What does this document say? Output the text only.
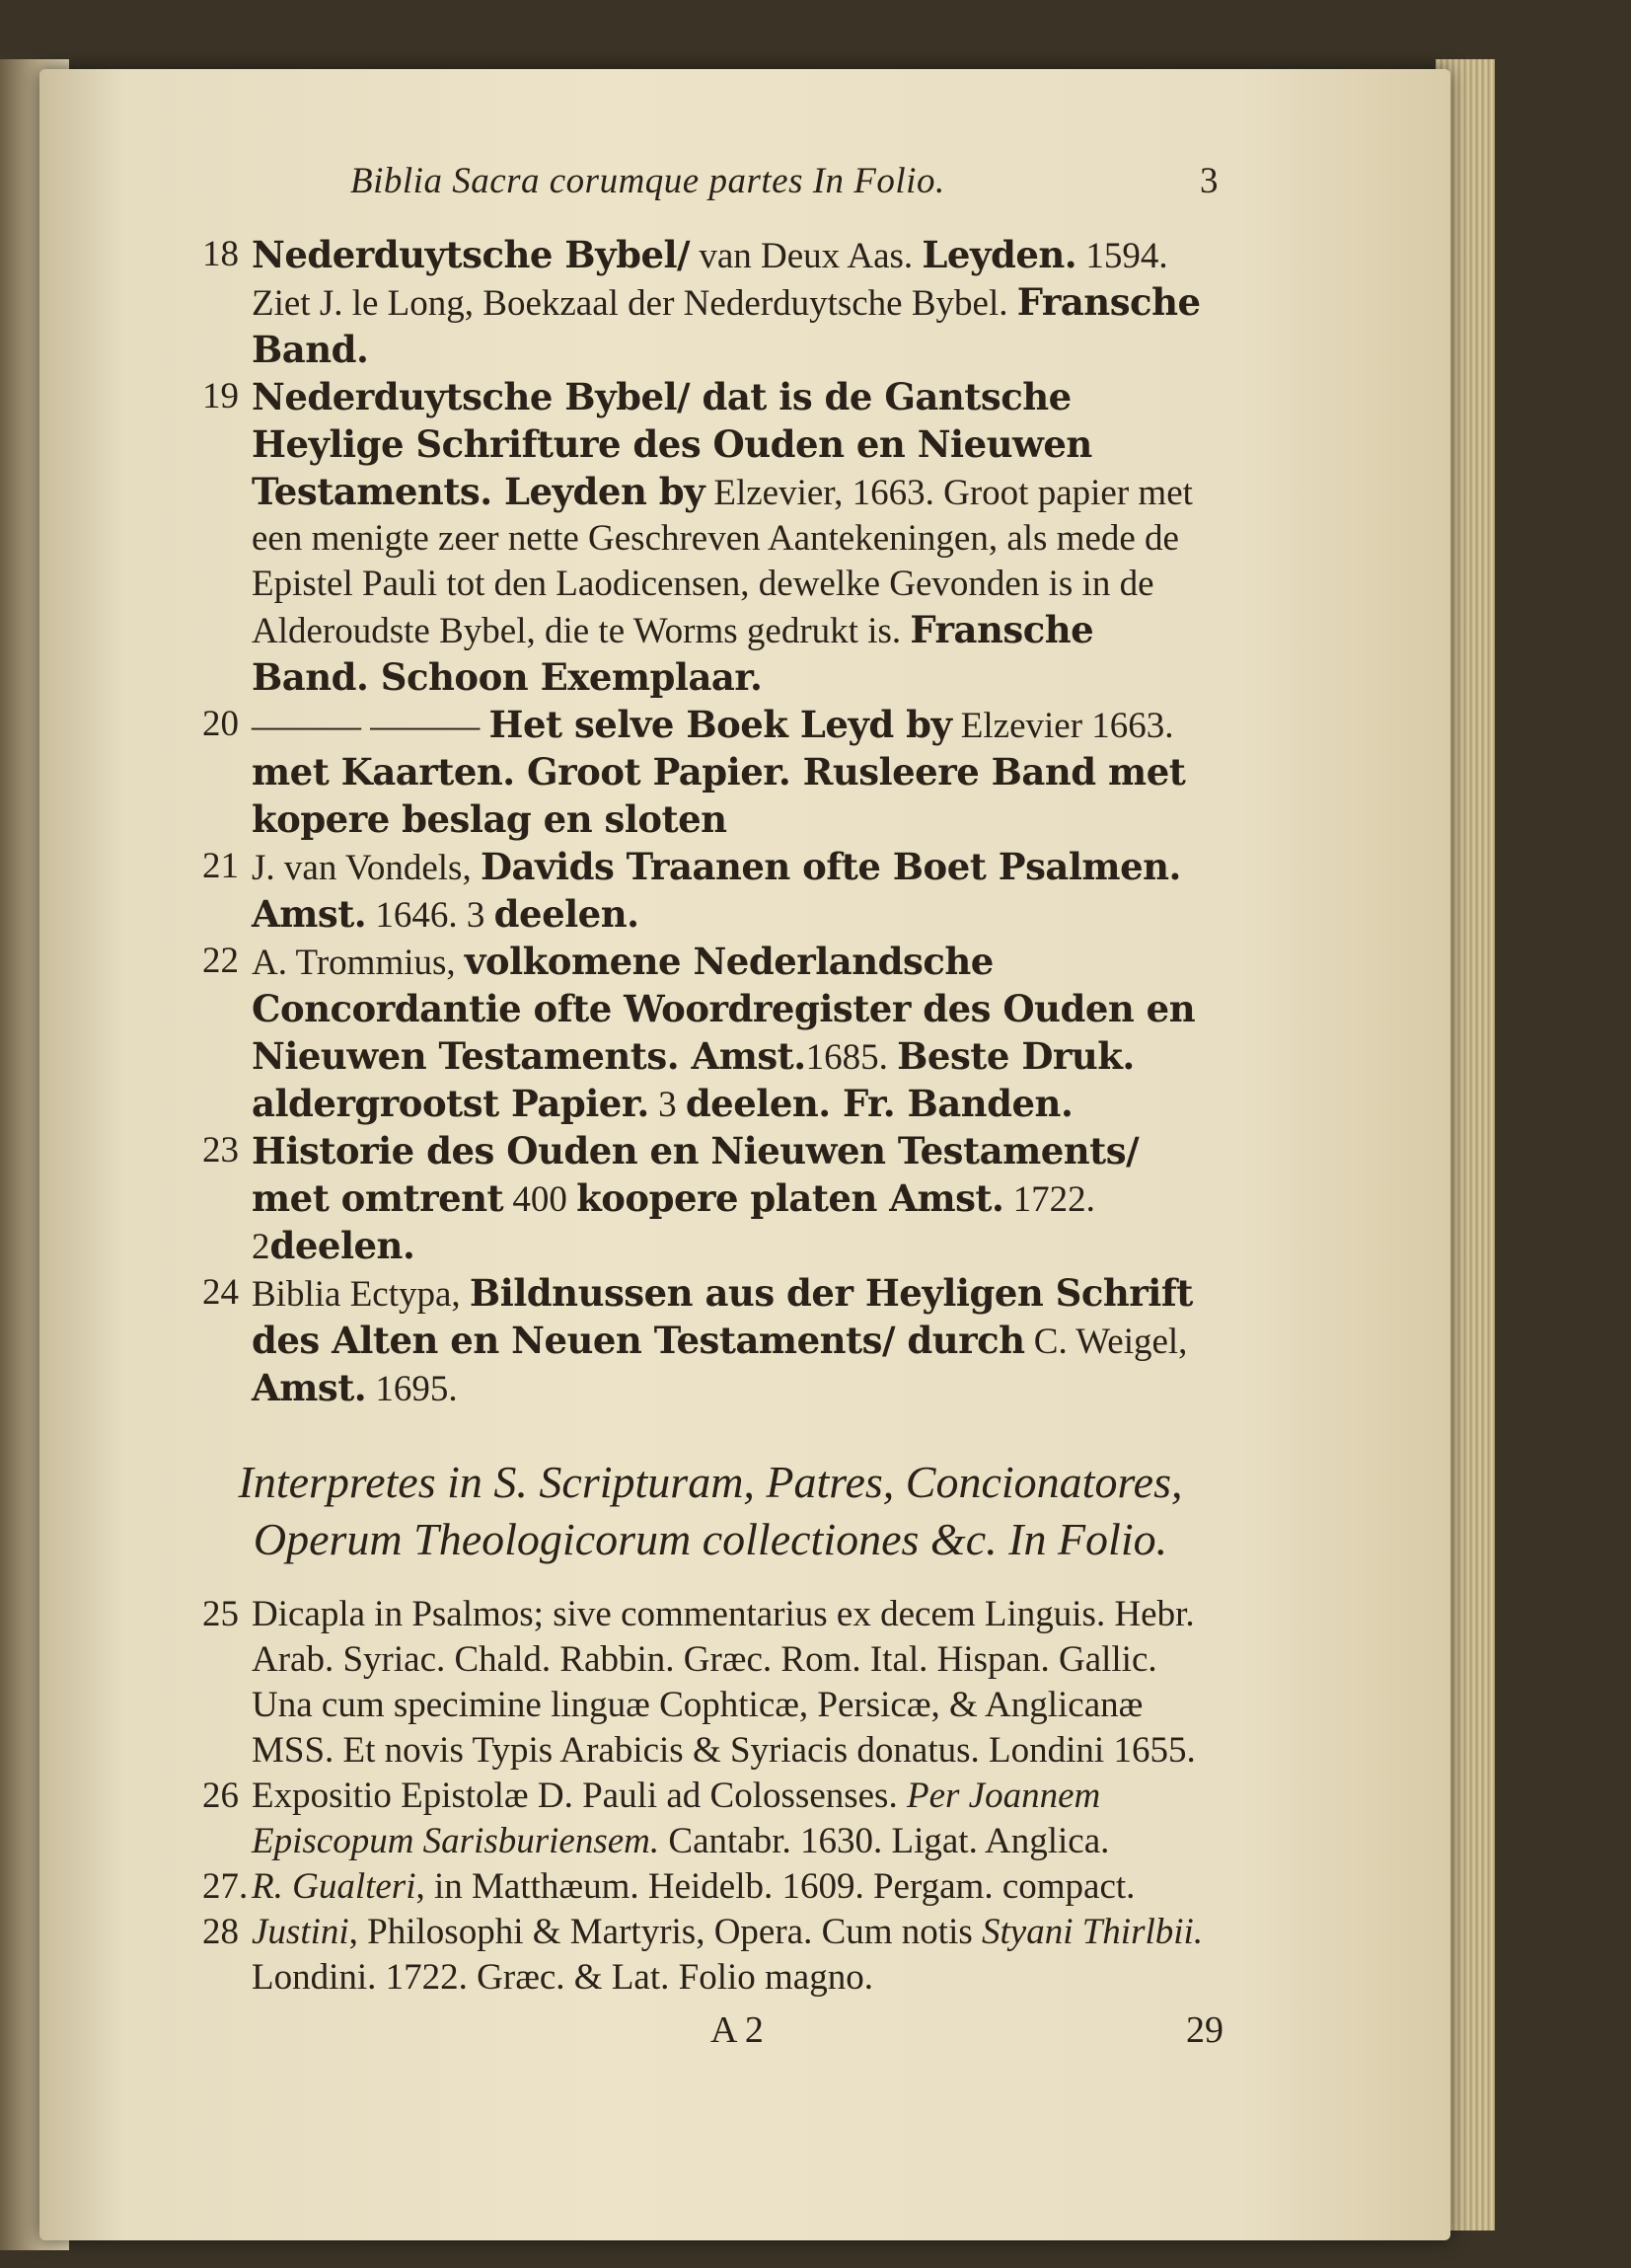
Biblia Sacra corumque partes In Folio.	3
18 Nederduytsche Bybel/ van Deux Aas. Leyden. 1594. Ziet J. le Long, Boekzaal der Nederduytsche Bybel. Fransche Band.
19 Nederduytsche Bybel/ dat is de Gantsche Heylige Schrifture des Ouden en Nieuwen Testaments. Leyden by Elzevier, 1663. Groot papier met een menigte zeer nette Geschreven Aantekeningen, als mede de Epistel Pauli tot den Laodicensen, dewelke Gevonden is in de Alderoudste Bybel, die te Worms gedrukt is. Fransche Band. Schoon Exemplaar.
20 ——— ——— Het selve Boek Leyd by Elzevier 1663. met Kaarten. Groot Papier. Rusleere Band met kopere beslag en sloten
21 J. van Vondels, Davids Traanen ofte Boet Psalmen. Amst. 1646. 3 deelen.
22 A. Trommius, volkomene Nederlandsche Concordantie ofte Woordregister des Ouden en Nieuwen Testaments. Amst.1685. Beste Druk. aldergrootst Papier. 3 deelen. Fr. Banden.
23 Historie des Ouden en Nieuwen Testaments/ met omtrent 400 koopere platen Amst. 1722. 2deelen.
24 Biblia Ectypa, Bildnussen aus der Heyligen Schrift des Alten en Neuen Testaments/ durch C. Weigel, Amst. 1695.
Interpretes in S. Scripturam, Patres, Concionatores, Operum Theologicorum collectiones &c. In Folio.
25 Dicapla in Psalmos; sive commentarius ex decem Linguis. Hebr. Arab. Syriac. Chald. Rabbin. Græc. Rom. Ital. Hispan. Gallic. Una cum specimine linguæ Cophticæ, Persicæ, & Anglicanæ MSS. Et novis Typis Arabicis & Syriacis donatus. Londini 1655.
26 Expositio Epistolæ D. Pauli ad Colossenses. Per Joannem Episcopum Sarisburiensem. Cantabr. 1630. Ligat. Anglica.
27. R. Gualteri, in Matthæum. Heidelb. 1609. Pergam. compact.
28 Justini, Philosophi & Martyris, Opera. Cum notis Styani Thirlbii. Londini. 1722. Græc. & Lat. Folio magno.
A 2	29
